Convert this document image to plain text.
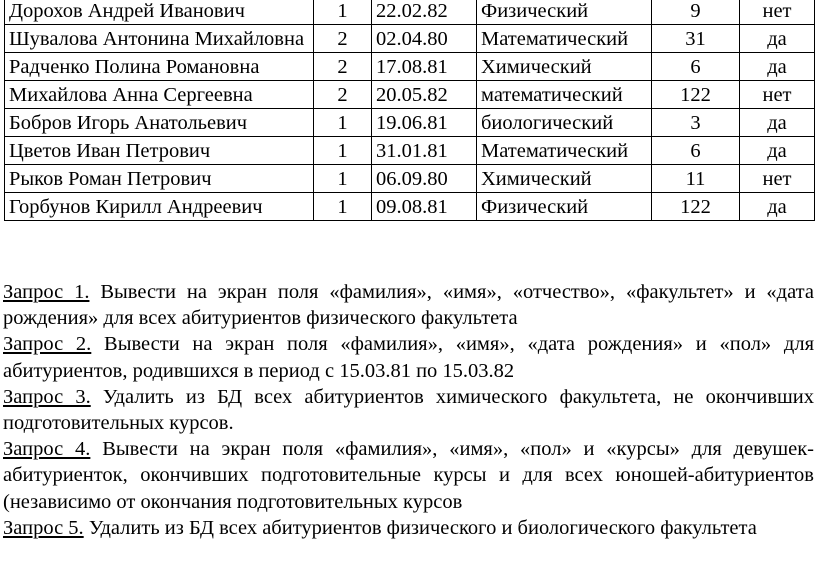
Дорохов Андрей Иванович	1	22.02.82	Физический	9	нет
Шувалова Антонина Михайловна	2	02.04.80	Математический	31	да
Радченко Полина Романовна	2	17.08.81	Химический	6	да
Михайлова Анна Сергеевна	2	20.05.82	математический	122	нет
Бобров Игорь Анатольевич	1	19.06.81	биологический	3	да
Цветов Иван Петрович	1	31.01.81	Математический	6	да
Рыков Роман Петрович	1	06.09.80	Химический	11	нет
Горбунов Кирилл Андреевич	1	09.08.81	Физический	122	да

Запрос 1. Вывести на экран поля «фамилия», «имя», «отчество», «факультет» и «дата рождения» для всех абитуриентов физического факультета

Запрос 2. Вывести на экран поля «фамилия», «имя», «дата рождения» и «пол» для абитуриентов, родившихся в период с 15.03.81 по 15.03.82

Запрос 3. Удалить из БД всех абитуриентов химического факультета, не окончивших подготовительных курсов.

Запрос 4. Вывести на экран поля «фамилия», «имя», «пол» и «курсы» для девушек-абитуриенток, окончивших подготовительные курсы и для всех юношей-абитуриентов (независимо от окончания подготовительных курсов

Запрос 5. Удалить из БД всех абитуриентов физического и биологического факультета
